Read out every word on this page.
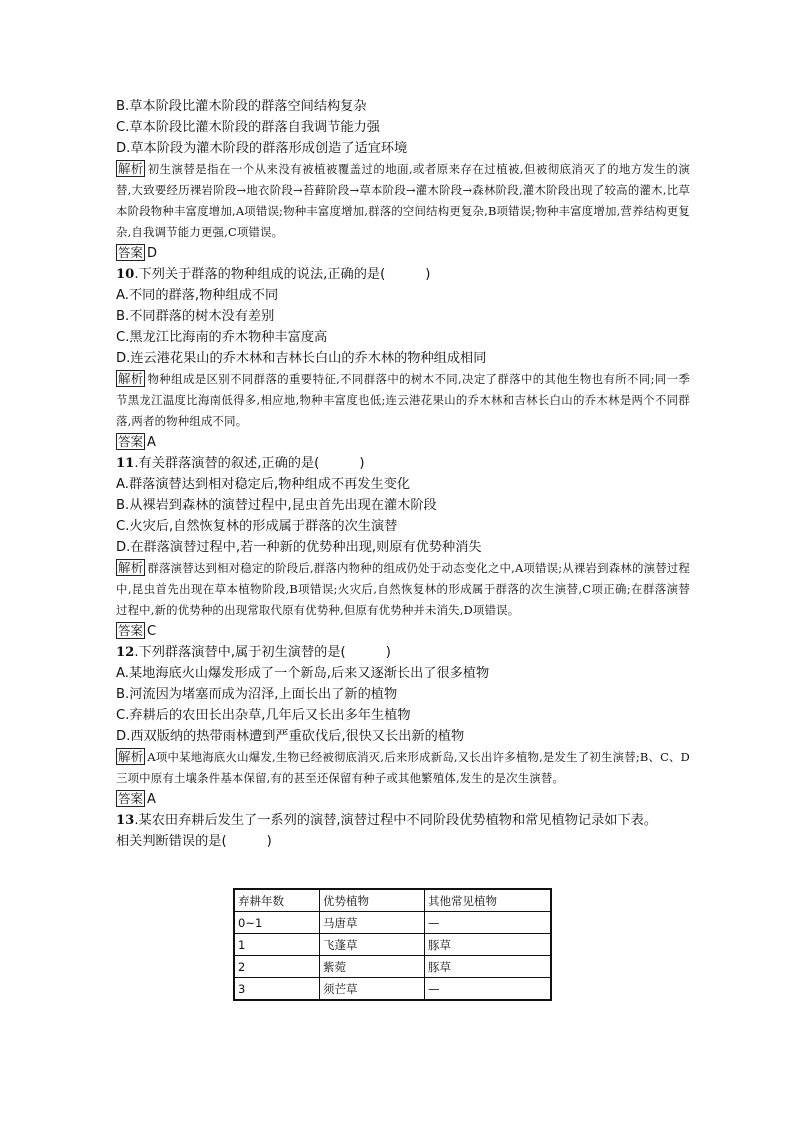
B.草本阶段比灌木阶段的群落空间结构复杂
C.草本阶段比灌木阶段的群落自我调节能力强
D.草本阶段为灌木阶段的群落形成创造了适宜环境
解析 初生演替是指在一个从来没有被植被覆盖过的地面,或者原来存在过植被,但被彻底消灭了的地方发生的演替,大致要经历裸岩阶段→地衣阶段→苔藓阶段→草本阶段→灌木阶段→森林阶段,灌木阶段出现了较高的灌木,比草本阶段物种丰富度增加,A项错误;物种丰富度增加,群落的空间结构更复杂,B项错误;物种丰富度增加,营养结构更复杂,自我调节能力更强,C项错误。
答案 D
10.下列关于群落的物种组成的说法,正确的是(	)
A.不同的群落,物种组成不同
B.不同群落的树木没有差别
C.黑龙江比海南的乔木物种丰富度高
D.连云港花果山的乔木林和吉林长白山的乔木林的物种组成相同
解析 物种组成是区别不同群落的重要特征,不同群落中的树木不同,决定了群落中的其他生物也有所不同;同一季节黑龙江温度比海南低得多,相应地,物种丰富度也低;连云港花果山的乔木林和吉林长白山的乔木林是两个不同群落,两者的物种组成不同。
答案 A
11.有关群落演替的叙述,正确的是(	)
A.群落演替达到相对稳定后,物种组成不再发生变化
B.从裸岩到森林的演替过程中,昆虫首先出现在灌木阶段
C.火灾后,自然恢复林的形成属于群落的次生演替
D.在群落演替过程中,若一种新的优势种出现,则原有优势种消失
解析 群落演替达到相对稳定的阶段后,群落内物种的组成仍处于动态变化之中,A项错误;从裸岩到森林的演替过程中,昆虫首先出现在草本植物阶段,B项错误;火灾后,自然恢复林的形成属于群落的次生演替,C项正确;在群落演替过程中,新的优势种的出现常取代原有优势种,但原有优势种并未消失,D项错误。
答案 C
12.下列群落演替中,属于初生演替的是(	)
A.某地海底火山爆发形成了一个新岛,后来又逐渐长出了很多植物
B.河流因为堵塞而成为沼泽,上面长出了新的植物
C.弃耕后的农田长出杂草,几年后又长出多年生植物
D.西双版纳的热带雨林遭到严重砍伐后,很快又长出新的植物
解析 A项中某地海底火山爆发,生物已经被彻底消灭,后来形成新岛,又长出许多植物,是发生了初生演替;B、C、D三项中原有土壤条件基本保留,有的甚至还保留有种子或其他繁殖体,发生的是次生演替。
答案 A
13.某农田弃耕后发生了一系列的演替,演替过程中不同阶段优势植物和常见植物记录如下表。
相关判断错误的是(	)
弃耕年数	优势植物	其他常见植物
0~1	马唐草	—
1	飞蓬草	豚草
2	紫菀	豚草
3	须芒草	—
